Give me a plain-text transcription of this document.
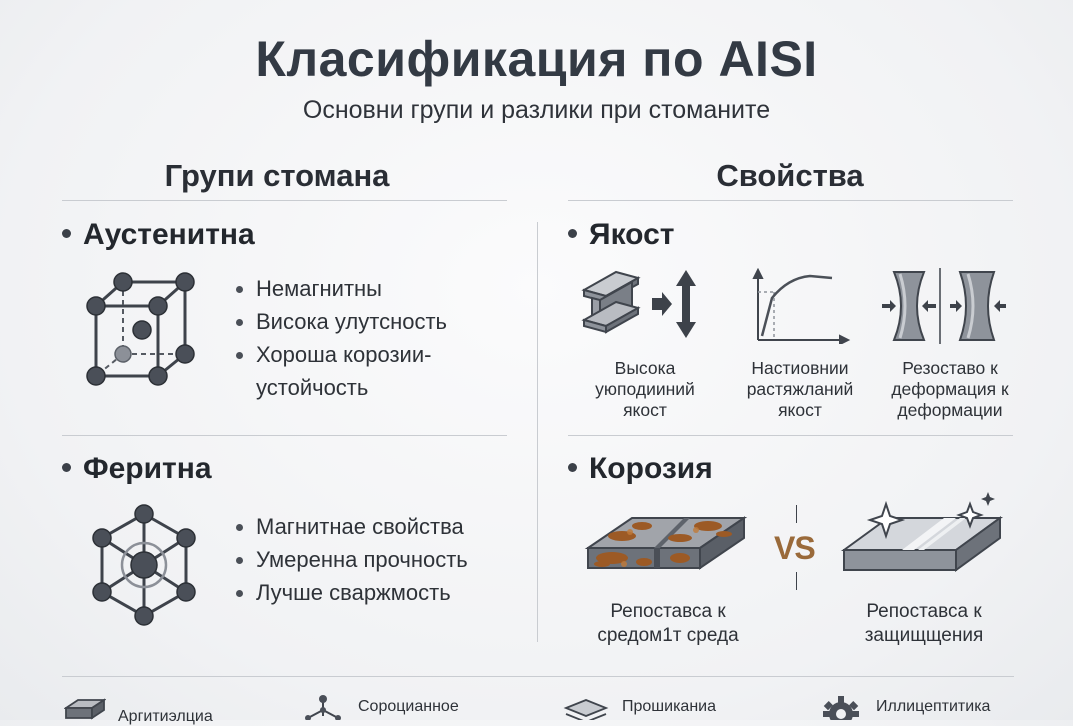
Класификация по AISI
Основни групи и разлики при стоманите
Групи стомана	Свойства
Аустенитна
Немагнитны
Висока улутсность
Хороша корозии-устойчость
Феритна
Магнитнае свойства
Умеренна прочность
Лучше сваржмость
Якост
Высока
уюподииний
якост
Настиовнии
растяжланий
якост
Резоставо к
деформация к
деформации
Корозия
VS
Репоставса к
средом1т среда
Репоставса к
защищщения
Аргитиэлциа
Сороцианное	Прошиканиа	Иллицептитика
